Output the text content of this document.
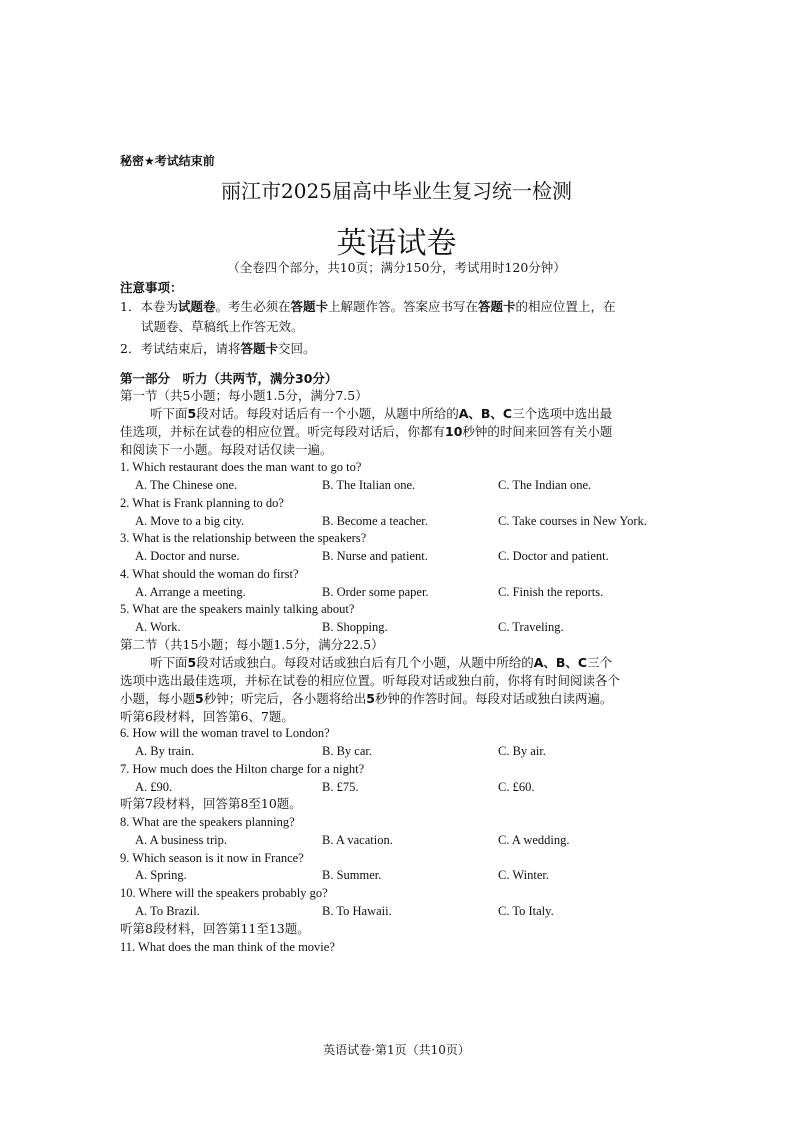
秘密★考试结束前
丽江市2025届高中毕业生复习统一检测
英语试卷
（全卷四个部分，共10页；满分150分，考试用时120分钟）
注意事项：
1．本卷为试题卷。考生必须在答题卡上解题作答。答案应书写在答题卡的相应位置上，在
试题卷、草稿纸上作答无效。
2．考试结束后，请将答题卡交回。
第一部分　听力（共两节，满分30分）
第一节（共5小题；每小题1.5分，满分7.5）
听下面5段对话。每段对话后有一个小题，从题中所给的A、B、C三个选项中选出最
佳选项，并标在试卷的相应位置。听完每段对话后，你都有10秒钟的时间来回答有关小题
和阅读下一小题。每段对话仅读一遍。
1. Which restaurant does the man want to go to?
A. The Chinese one.	B. The Italian one.	C. The Indian one.
2. What is Frank planning to do?
A. Move to a big city.	B. Become a teacher.	C. Take courses in New York.
3. What is the relationship between the speakers?
A. Doctor and nurse.	B. Nurse and patient.	C. Doctor and patient.
4. What should the woman do first?
A. Arrange a meeting.	B. Order some paper.	C. Finish the reports.
5. What are the speakers mainly talking about?
A. Work.	B. Shopping.	C. Traveling.
第二节（共15小题；每小题1.5分，满分22.5）
听下面5段对话或独白。每段对话或独白后有几个小题，从题中所给的A、B、C三个
选项中选出最佳选项，并标在试卷的相应位置。听每段对话或独白前，你将有时间阅读各个
小题，每小题5秒钟；听完后，各小题将给出5秒钟的作答时间。每段对话或独白读两遍。
听第6段材料，回答第6、7题。
6. How will the woman travel to London?
A. By train.	B. By car.	C. By air.
7. How much does the Hilton charge for a night?
A. £90.	B. £75.	C. £60.
听第7段材料，回答第8至10题。
8. What are the speakers planning?
A. A business trip.	B. A vacation.	C. A wedding.
9. Which season is it now in France?
A. Spring.	B. Summer.	C. Winter.
10. Where will the speakers probably go?
A. To Brazil.	B. To Hawaii.	C. To Italy.
听第8段材料，回答第11至13题。
11. What does the man think of the movie?
英语试卷·第1页（共10页）
